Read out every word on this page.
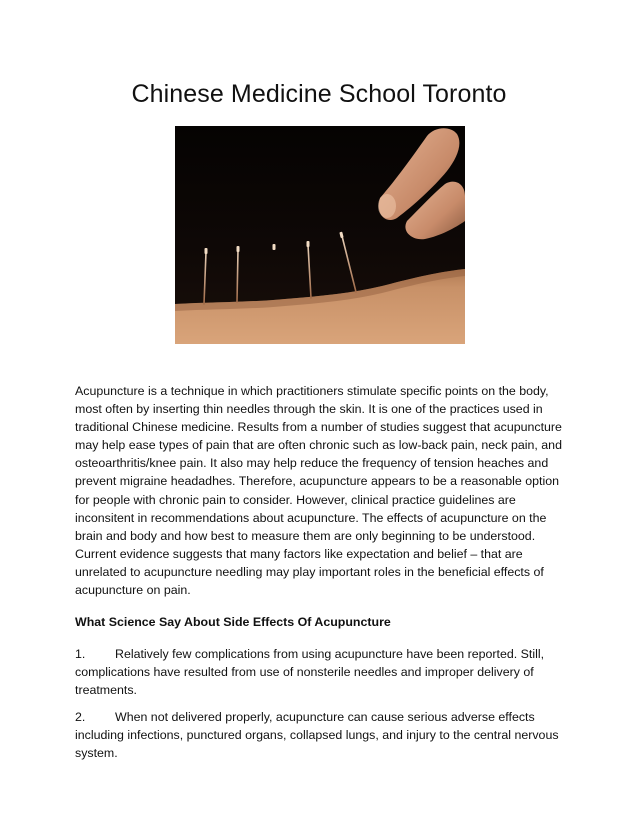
Chinese Medicine School Toronto

Acupuncture is a technique in which practitioners stimulate specific points on the body, most often by inserting thin needles through the skin. It is one of the practices used in traditional Chinese medicine. Results from a number of studies suggest that acupuncture may help ease types of pain that are often chronic such as low-back pain, neck pain, and osteoarthritis/knee pain. It also may help reduce the frequency of tension heaches and prevent migraine headadhes. Therefore, acupuncture appears to be a reasonable option for people with chronic pain to consider. However, clinical practice guidelines are inconsitent in recommendations about acupuncture. The effects of acupuncture on the brain and body and how best to measure them are only beginning to be understood. Current evidence suggests that many factors like expectation and belief – that are unrelated to acupuncture needling may play important roles in the beneficial effects of acupuncture on pain.

What Science Say About Side Effects Of Acupuncture

1. Relatively few complications from using acupuncture have been reported. Still, complications have resulted from use of nonsterile needles and improper delivery of treatments.

2. When not delivered properly, acupuncture can cause serious adverse effects including infections, punctured organs, collapsed lungs, and injury to the central nervous system.
